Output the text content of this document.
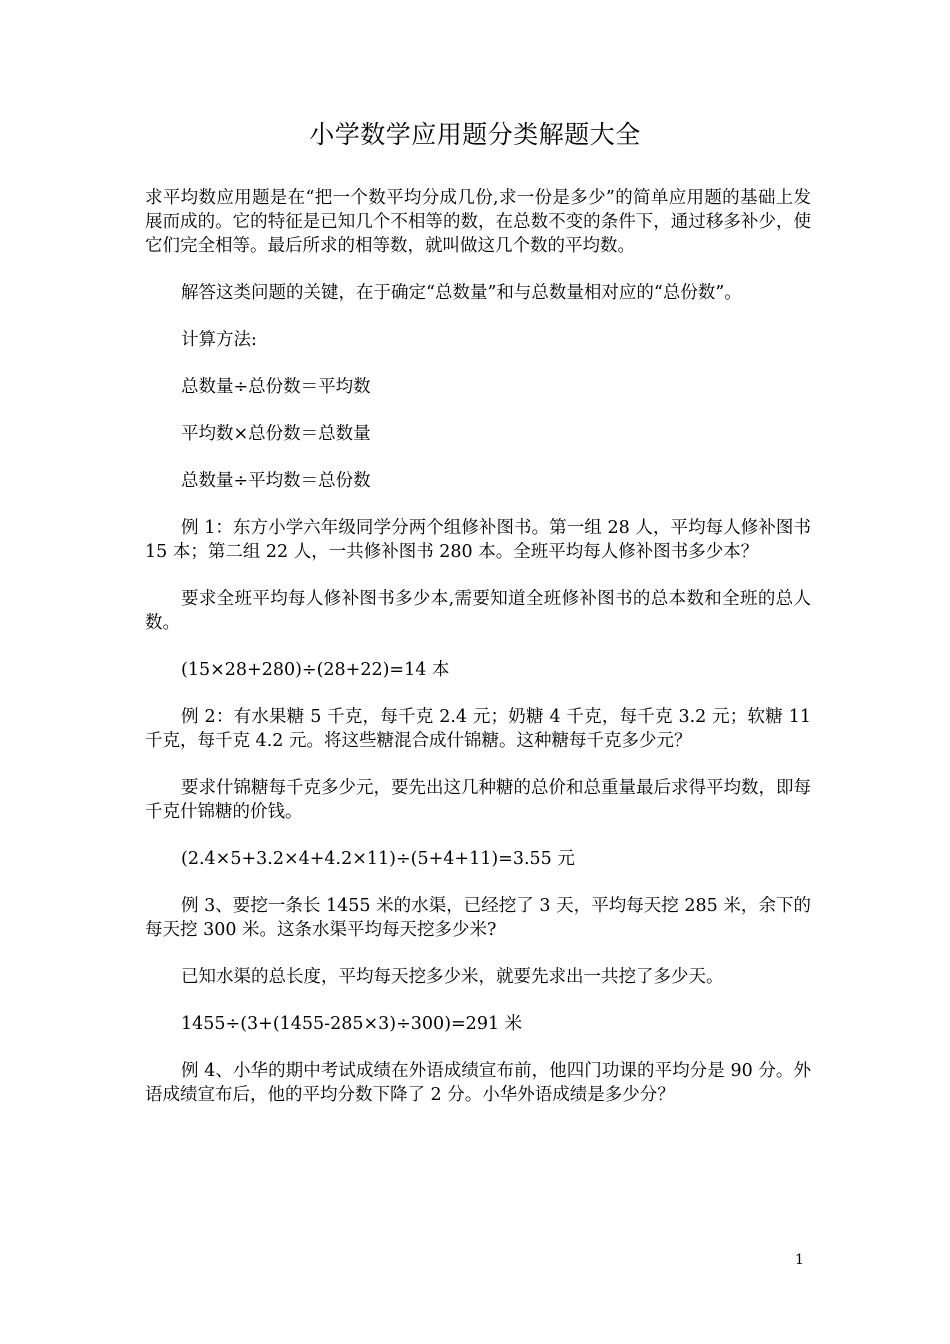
小学数学应用题分类解题大全

求平均数应用题是在“把一个数平均分成几份,求一份是多少”的简单应用题的基础上发展而成的。它的特征是已知几个不相等的数，在总数不变的条件下，通过移多补少，使它们完全相等。最后所求的相等数，就叫做这几个数的平均数。

解答这类问题的关键，在于确定“总数量”和与总数量相对应的“总份数”。

计算方法:

总数量÷总份数＝平均数

平均数×总份数＝总数量

总数量÷平均数＝总份数

例 1：东方小学六年级同学分两个组修补图书。第一组 28 人，平均每人修补图书 15 本；第二组 22 人，一共修补图书 280 本。全班平均每人修补图书多少本？

要求全班平均每人修补图书多少本,需要知道全班修补图书的总本数和全班的总人数。

(15×28+280)÷(28+22)=14 本

例 2：有水果糖 5 千克，每千克 2.4 元；奶糖 4 千克，每千克 3.2 元；软糖 11 千克，每千克 4.2 元。将这些糖混合成什锦糖。这种糖每千克多少元？

要求什锦糖每千克多少元，要先出这几种糖的总价和总重量最后求得平均数，即每千克什锦糖的价钱。

(2.4×5+3.2×4+4.2×11)÷(5+4+11)=3.55 元

例 3、要挖一条长 1455 米的水渠，已经挖了 3 天，平均每天挖 285 米，余下的每天挖 300 米。这条水渠平均每天挖多少米?

已知水渠的总长度，平均每天挖多少米，就要先求出一共挖了多少天。

1455÷(3+(1455-285×3)÷300)=291 米

例 4、小华的期中考试成绩在外语成绩宣布前，他四门功课的平均分是 90 分。外语成绩宣布后，他的平均分数下降了 2 分。小华外语成绩是多少分？

1
